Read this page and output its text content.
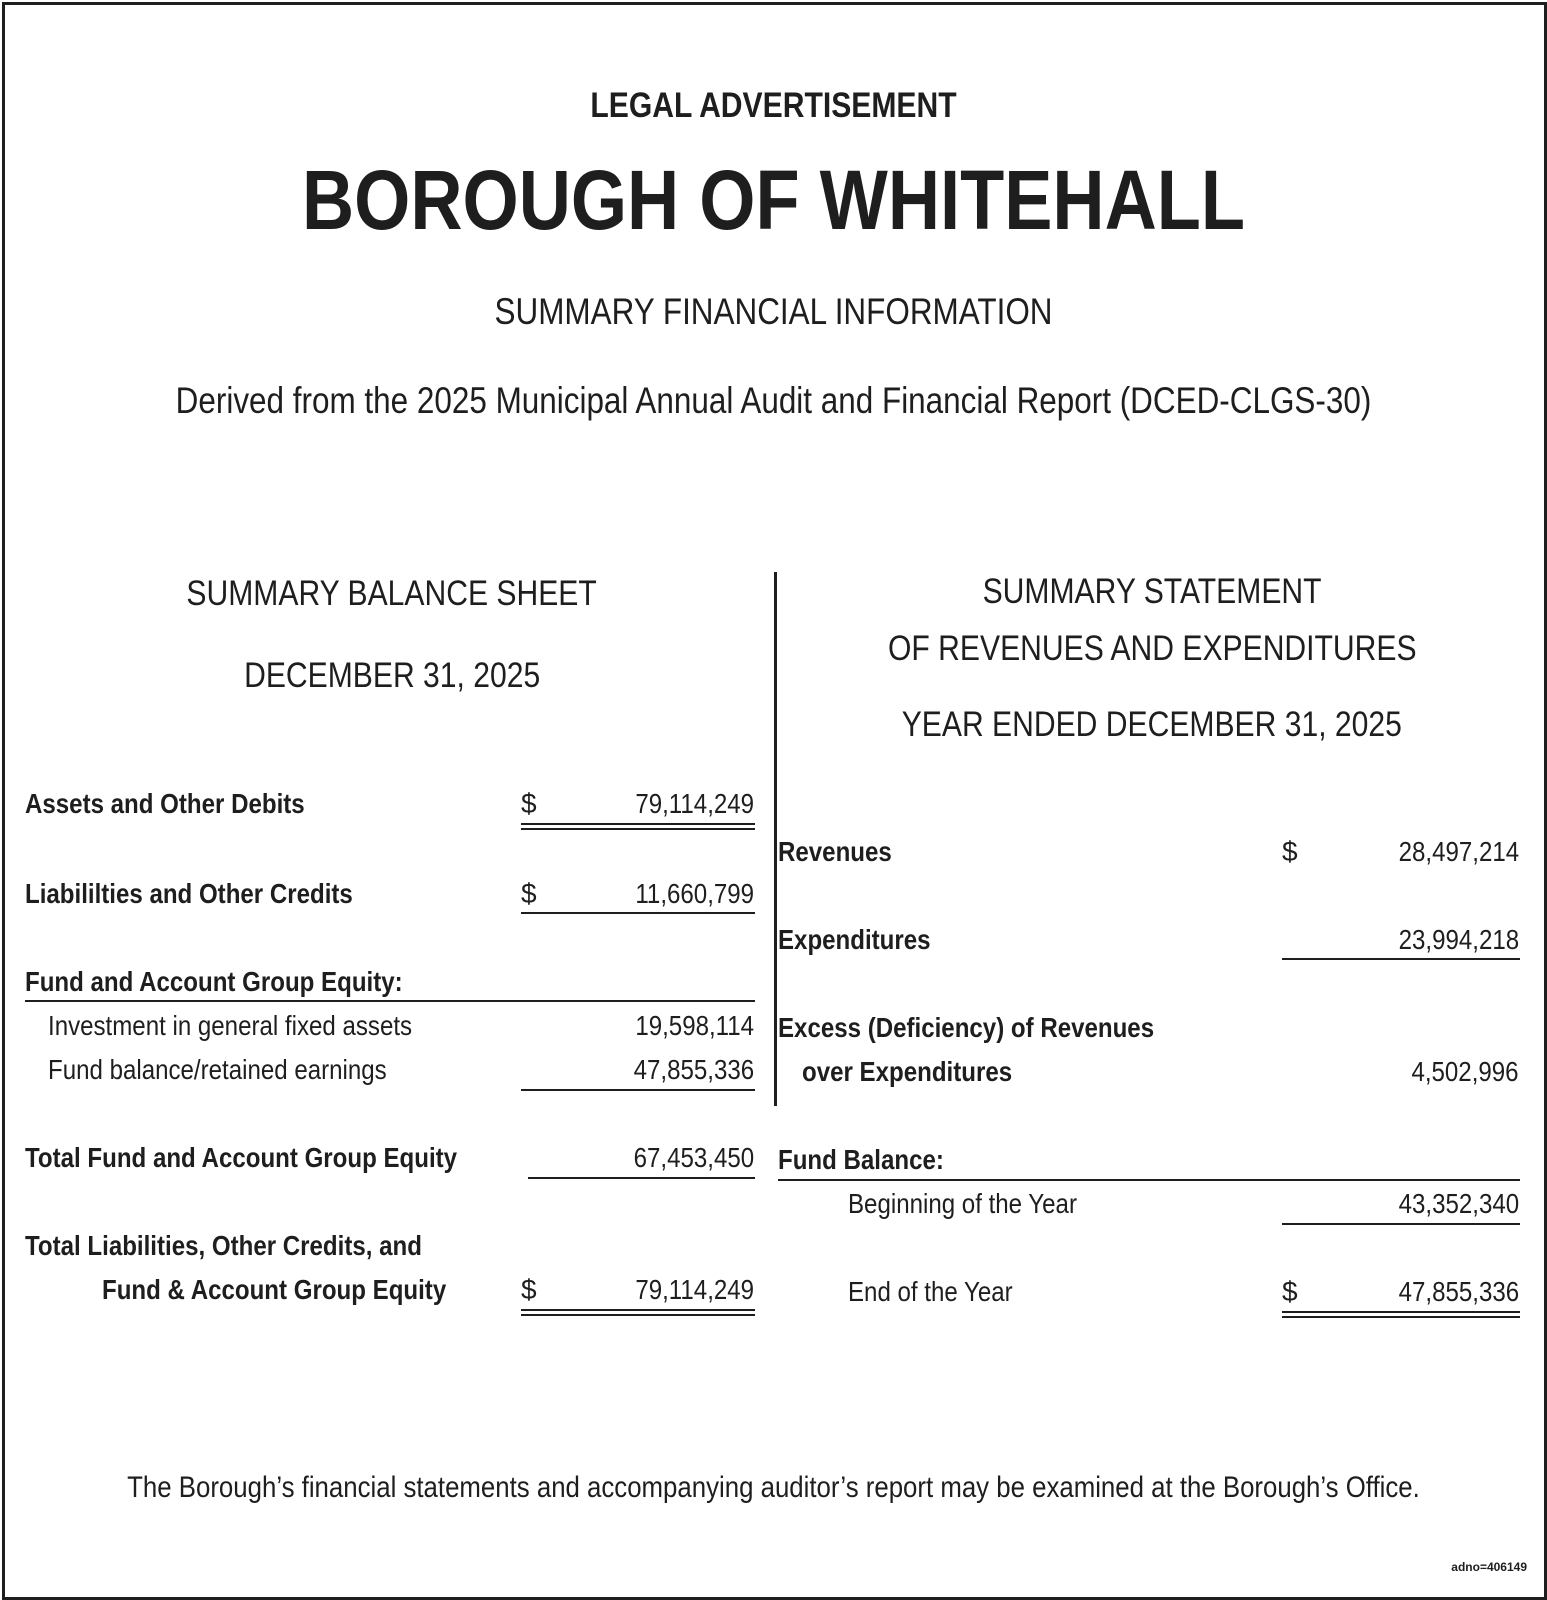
LEGAL ADVERTISEMENT
BOROUGH OF WHITEHALL
SUMMARY FINANCIAL INFORMATION
Derived from the 2025 Municipal Annual Audit and Financial Report (DCED-CLGS-30)
SUMMARY BALANCE SHEET
DECEMBER 31, 2025
Assets and Other Debits	$	79,114,249
Liabililties and Other Credits	$	11,660,799
Fund and Account Group Equity:
Investment in general fixed assets	19,598,114
Fund balance/retained earnings	47,855,336
Total Fund and Account Group Equity	67,453,450
Total Liabilities, Other Credits, and
Fund & Account Group Equity	$	79,114,249
SUMMARY STATEMENT
OF REVENUES AND EXPENDITURES
YEAR ENDED DECEMBER 31, 2025
Revenues	$	28,497,214
Expenditures	23,994,218
Excess (Deficiency) of Revenues
over Expenditures	4,502,996
Fund Balance:
Beginning of the Year	43,352,340
End of the Year	$	47,855,336
The Borough’s financial statements and accompanying auditor’s report may be examined at the Borough’s Office.
adno=406149
